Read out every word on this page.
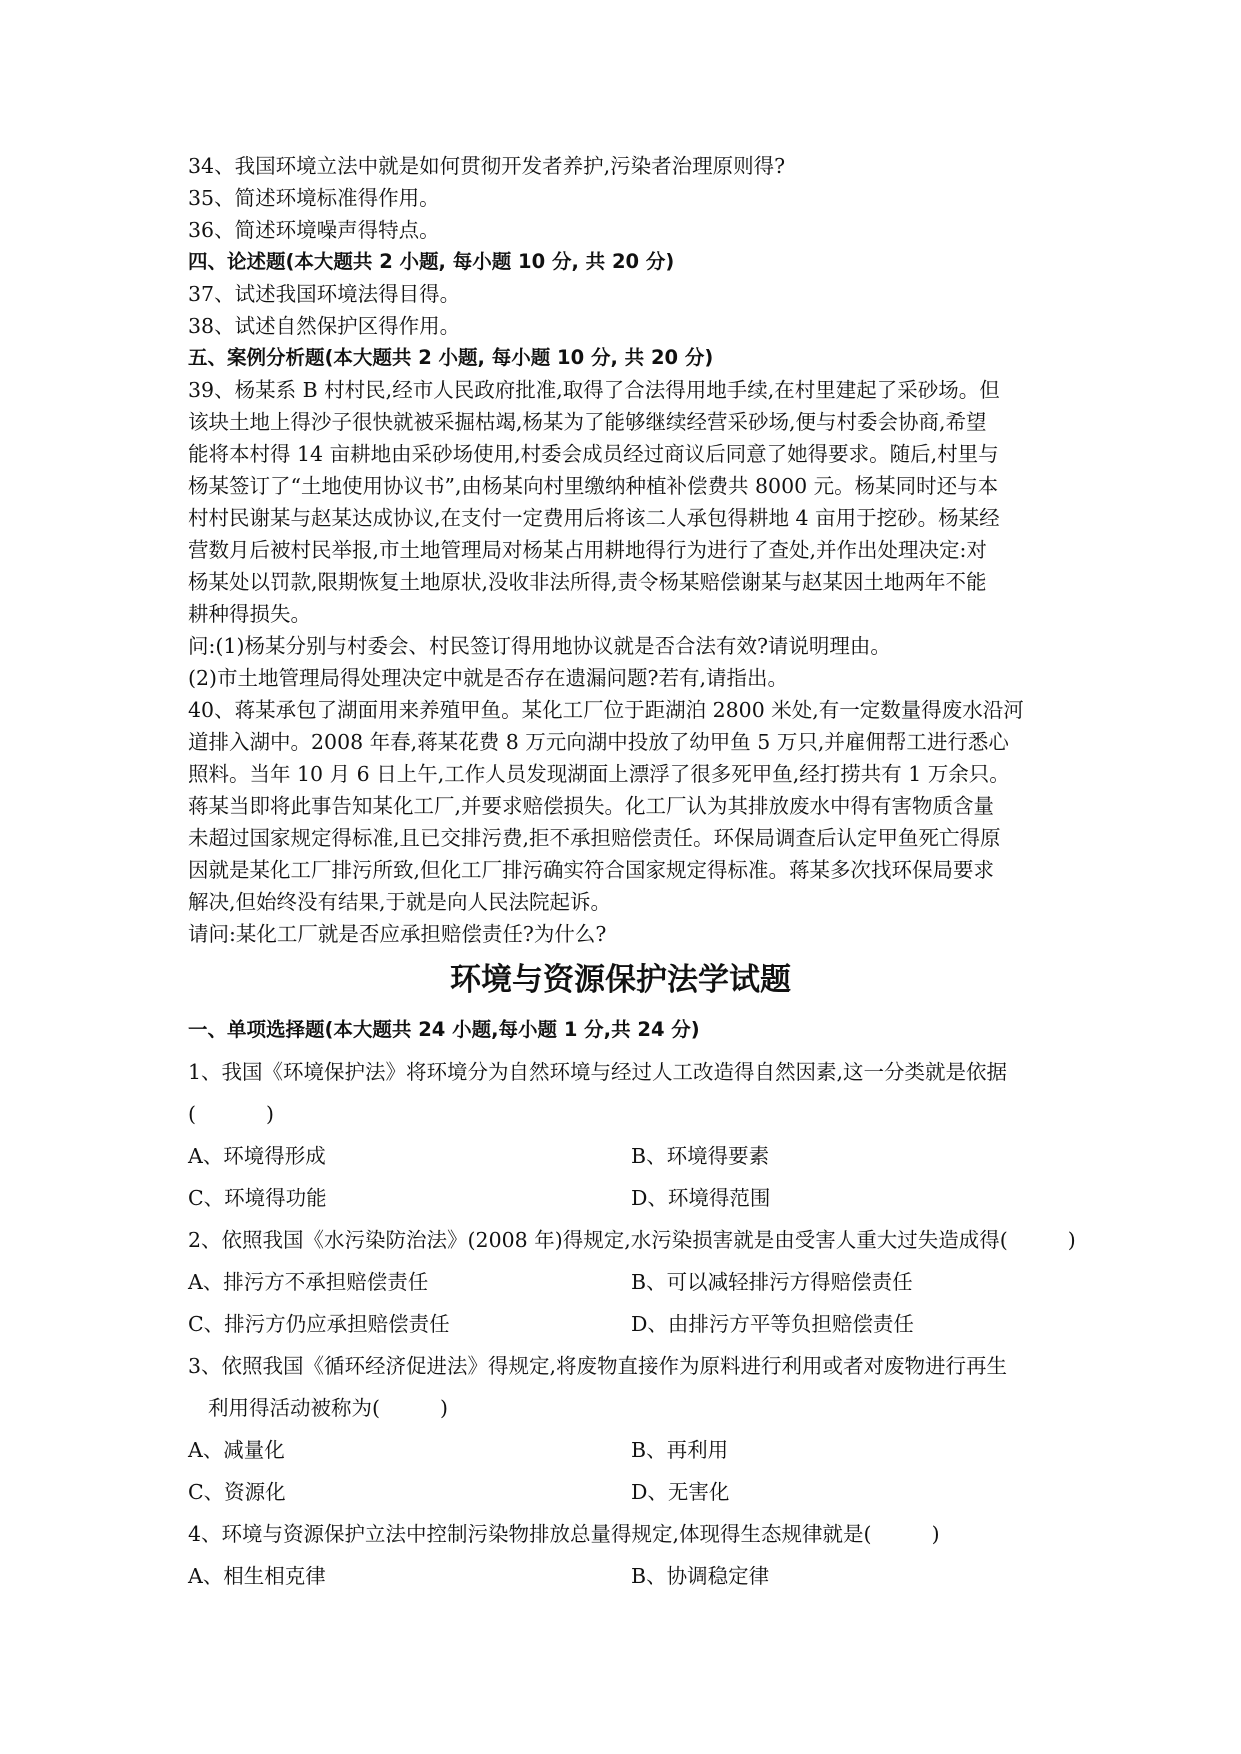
34、我国环境立法中就是如何贯彻开发者养护,污染者治理原则得?
35、简述环境标准得作用。
36、简述环境噪声得特点。
四、论述题(本大题共 2 小题, 每小题 10 分, 共 20 分)
37、试述我国环境法得目得。
38、试述自然保护区得作用。
五、案例分析题(本大题共 2 小题, 每小题 10 分, 共 20 分)
39、杨某系 B 村村民,经市人民政府批准,取得了合法得用地手续,在村里建起了采砂场。但
该块土地上得沙子很快就被采掘枯竭,杨某为了能够继续经营采砂场,便与村委会协商,希望
能将本村得 14 亩耕地由采砂场使用,村委会成员经过商议后同意了她得要求。随后,村里与
杨某签订了“土地使用协议书”,由杨某向村里缴纳种植补偿费共 8000 元。杨某同时还与本
村村民谢某与赵某达成协议,在支付一定费用后将该二人承包得耕地 4 亩用于挖砂。杨某经
营数月后被村民举报,市土地管理局对杨某占用耕地得行为进行了查处,并作出处理决定:对
杨某处以罚款,限期恢复土地原状,没收非法所得,责令杨某赔偿谢某与赵某因土地两年不能
耕种得损失。
问:(1)杨某分别与村委会、村民签订得用地协议就是否合法有效?请说明理由。
(2)市土地管理局得处理决定中就是否存在遗漏问题?若有,请指出。
40、蒋某承包了湖面用来养殖甲鱼。某化工厂位于距湖泊 2800 米处,有一定数量得废水沿河
道排入湖中。2008 年春,蒋某花费 8 万元向湖中投放了幼甲鱼 5 万只,并雇佣帮工进行悉心
照料。当年 10 月 6 日上午,工作人员发现湖面上漂浮了很多死甲鱼,经打捞共有 1 万余只。
蒋某当即将此事告知某化工厂,并要求赔偿损失。化工厂认为其排放废水中得有害物质含量
未超过国家规定得标准,且已交排污费,拒不承担赔偿责任。环保局调查后认定甲鱼死亡得原
因就是某化工厂排污所致,但化工厂排污确实符合国家规定得标准。蒋某多次找环保局要求
解决,但始终没有结果,于就是向人民法院起诉。
请问:某化工厂就是否应承担赔偿责任?为什么?
环境与资源保护法学试题
一、单项选择题(本大题共 24 小题,每小题 1 分,共 24 分)
1、我国《环境保护法》将环境分为自然环境与经过人工改造得自然因素,这一分类就是依据
(	)
A、环境得形成	B、环境得要素
C、环境得功能	D、环境得范围
2、依照我国《水污染防治法》(2008 年)得规定,水污染损害就是由受害人重大过失造成得(	)
A、排污方不承担赔偿责任	B、可以减轻排污方得赔偿责任
C、排污方仍应承担赔偿责任	D、由排污方平等负担赔偿责任
3、依照我国《循环经济促进法》得规定,将废物直接作为原料进行利用或者对废物进行再生
利用得活动被称为(	)
A、减量化	B、再利用
C、资源化	D、无害化
4、环境与资源保护立法中控制污染物排放总量得规定,体现得生态规律就是(	)
A、相生相克律	B、协调稳定律
